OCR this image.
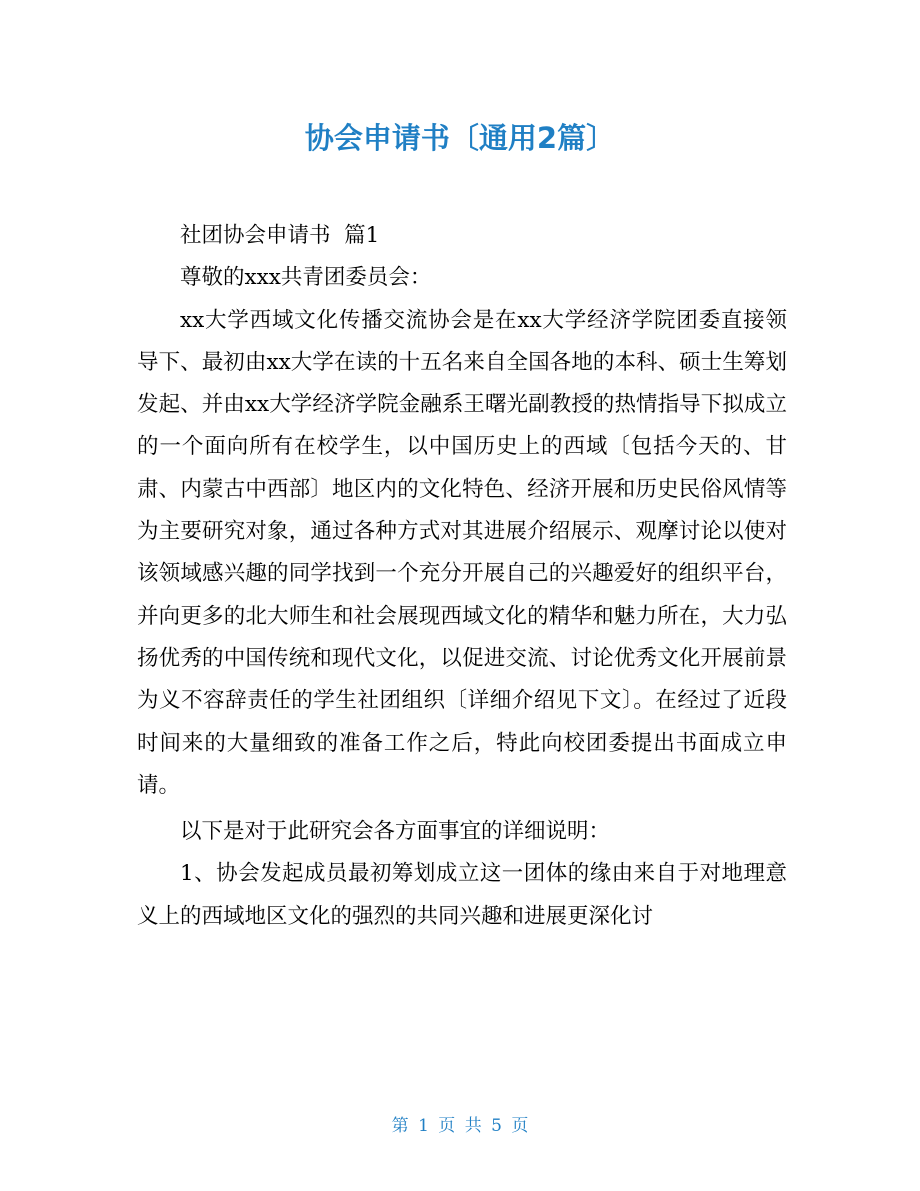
协会申请书〔通用2篇〕

社团协会申请书  篇1

尊敬的xxx共青团委员会：

xx大学西域文化传播交流协会是在xx大学经济学院团委直接领导下、最初由xx大学在读的十五名来自全国各地的本科、硕士生筹划发起、并由xx大学经济学院金融系王曙光副教授的热情指导下拟成立的一个面向所有在校学生，以中国历史上的西域〔包括今天的、甘肃、内蒙古中西部〕地区内的文化特色、经济开展和历史民俗风情等为主要研究对象，通过各种方式对其进展介绍展示、观摩讨论以使对该领域感兴趣的同学找到一个充分开展自己的兴趣爱好的组织平台，并向更多的北大师生和社会展现西域文化的精华和魅力所在，大力弘扬优秀的中国传统和现代文化，以促进交流、讨论优秀文化开展前景为义不容辞责任的学生社团组织〔详细介绍见下文〕。在经过了近段时间来的大量细致的准备工作之后，特此向校团委提出书面成立申请。

以下是对于此研究会各方面事宜的详细说明：

1、协会发起成员最初筹划成立这一团体的缘由来自于对地理意义上的西域地区文化的强烈的共同兴趣和进展更深化讨

第 1 页 共 5 页
